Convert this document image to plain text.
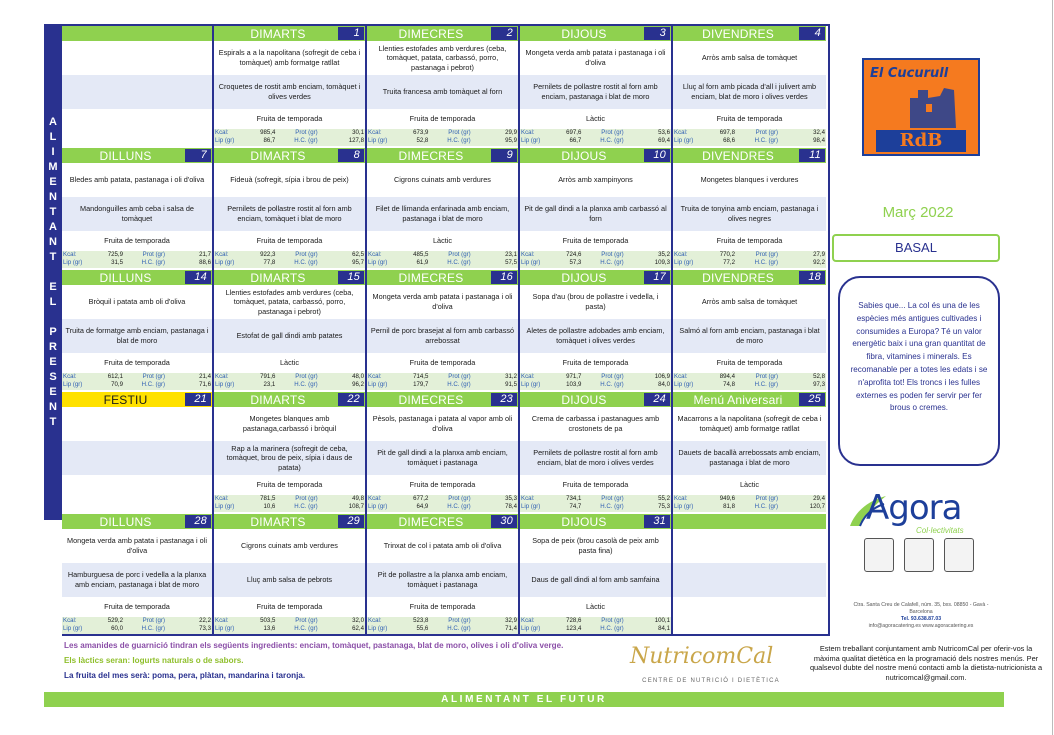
A
L
I
M
E
N
T
A
N
T
E
L
P
R
E
S
E
N
T
DIMARTS	1
Espirals a a la napolitana (sofregit de ceba i tomàquet) amb formatge ratllat
Croquetes de rostit amb enciam, tomàquet i olives verdes
Fruita de temporada
Kcal:	985,4	Prot (gr)	30,1
Lip (gr)	86,7	H.C. (gr)	127,8
DIMECRES	2
Llenties estofades amb verdures (ceba, tomàquet, patata, carbassó, porro, pastanaga i pebrot)
Truita francesa amb tomàquet al forn
Fruita de temporada
Kcal:	673,9	Prot (gr)	29,9
Lip (gr)	52,8	H.C. (gr)	95,9
DIJOUS	3
Mongeta verda amb patata i pastanaga i oli d'oliva
Pernilets de pollastre rostit al forn amb enciam, pastanaga i blat de moro
Làctic
Kcal:	697,6	Prot (gr)	53,6
Lip (gr)	66,7	H.C. (gr)	69,4
DIVENDRES	4
Arròs amb salsa de tomàquet
Lluç al forn amb picada d'all i julivert amb enciam, blat de moro i olives verdes
Fruita de temporada
Kcal:	697,8	Prot (gr)	32,4
Lip (gr)	68,6	H.C. (gr)	98,4
DILLUNS	7
Bledes amb patata, pastanaga i oli d'oliva
Mandonguilles amb ceba i salsa de tomàquet
Fruita de temporada
Kcal:	725,9	Prot (gr)	21,7
Lip (gr)	31,5	H.C. (gr)	88,6
DIMARTS	8
Fideuà (sofregit, sípia i brou de peix)
Pernilets de pollastre rostit al forn amb enciam, tomàquet i blat de moro
Fruita de temporada
Kcal:	922,3	Prot (gr)	62,5
Lip (gr)	77,8	H.C. (gr)	95,7
DIMECRES	9
Cigrons cuinats amb verdures
Filet de llimanda enfarinada amb enciam, pastanaga i blat de moro
Làctic
Kcal:	485,5	Prot (gr)	23,1
Lip (gr)	61,9	H.C. (gr)	57,5
DIJOUS	10
Arròs amb xampinyons
Pit de gall dindi a la planxa amb carbassó al forn
Fruita de temporada
Kcal:	724,6	Prot (gr)	35,2
Lip (gr)	57,3	H.C. (gr)	109,3
DIVENDRES	11
Mongetes blanques i verdures
Truita de tonyina amb enciam, pastanaga i olives negres
Fruita de temporada
Kcal:	770,2	Prot (gr)	27,9
Lip (gr)	77,2	H.C. (gr)	92,2
DILLUNS	14
Bròquil i patata amb oli d'oliva
Truita de formatge amb enciam, pastanaga i blat de moro
Fruita de temporada
Kcal:	612,1	Prot (gr)	21,4
Lip (gr)	70,9	H.C. (gr)	71,6
DIMARTS	15
Llenties estofades amb verdures (ceba, tomàquet, patata, carbassó, porro, pastanaga i pebrot)
Estofat de gall dindi amb patates
Làctic
Kcal:	791,6	Prot (gr)	48,0
Lip (gr)	23,1	H.C. (gr)	96,2
DIMECRES	16
Mongeta verda amb patata i pastanaga i oli d'oliva
Pernil de porc brasejat al forn amb carbassó arrebossat
Fruita de temporada
Kcal:	714,5	Prot (gr)	31,2
Lip (gr)	179,7	H.C. (gr)	91,5
DIJOUS	17
Sopa d'au (brou de pollastre i vedella, i pasta)
Aletes de pollastre adobades amb enciam, tomàquet i olives verdes
Fruita de temporada
Kcal:	971,7	Prot (gr)	106,9
Lip (gr)	103,9	H.C. (gr)	84,0
DIVENDRES	18
Arròs amb salsa de tomàquet
Salmó al forn amb enciam, pastanaga i blat de moro
Fruita de temporada
Kcal:	894,4	Prot (gr)	52,8
Lip (gr)	74,8	H.C. (gr)	97,3
FESTIU	21	DIMARTS	22
Mongetes blanques amb pastanaga,carbassó i bròquil
Rap a la marinera (sofregit de ceba, tomàquet, brou de peix, sípia i daus de patata)
Fruita de temporada
Kcal:	781,5	Prot (gr)	49,8
Lip (gr)	10,6	H.C. (gr)	108,7
DIMECRES	23
Pèsols, pastanaga i patata al vapor amb oli d'oliva
Pit de gall dindi a la planxa amb enciam, tomàquet i pastanaga
Fruita de temporada
Kcal:	677,2	Prot (gr)	35,3
Lip (gr)	64,9	H.C. (gr)	78,4
DIJOUS	24
Crema de carbassa i pastanagues amb crostonets de pa
Pernilets de pollastre rostit al forn amb enciam, blat de moro i olives verdes
Fruita de temporada
Kcal:	734,1	Prot (gr)	55,2
Lip (gr)	74,7	H.C. (gr)	75,3
Menú Aniversari	25
Macarrons a la napolitana (sofregit de ceba i tomàquet) amb formatge ratllat
Dauets de bacallà arrebossats amb enciam, pastanaga i blat de moro
Làctic
Kcal:	949,6	Prot (gr)	29,4
Lip (gr)	81,8	H.C. (gr)	120,7
DILLUNS	28
Mongeta verda amb patata i pastanaga i oli d'oliva
Hamburguesa de porc i vedella a la planxa amb enciam, pastanaga i blat de moro
Fruita de temporada
Kcal:	529,2	Prot (gr)	22,2
Lip (gr)	60,0	H.C. (gr)	73,3
DIMARTS	29
Cigrons cuinats amb verdures
Lluç amb salsa de pebrots
Fruita de temporada
Kcal:	503,5	Prot (gr)	32,0
Lip (gr)	13,6	H.C. (gr)	62,4
DIMECRES	30
Trinxat de col i patata amb oli d'oliva
Pit de pollastre a la planxa amb enciam, tomàquet i pastanaga
Fruita de temporada
Kcal:	523,8	Prot (gr)	32,9
Lip (gr)	55,6	H.C. (gr)	71,4
DIJOUS	31
Sopa de peix (brou casolà de peix amb pasta fina)
Daus de gall dindi al forn amb samfaina
Làctic
Kcal:	728,6	Prot (gr)	100,1
Lip (gr)	123,4	H.C. (gr)	84,1
El Cucurull
RdB
Març 2022
BASAL
Sabies que... La col és una de les espècies més antigues cultivades i consumides a Europa? Té un valor energètic baix i una gran quantitat de fibra, vitamines i minerals. Es recomanable per a totes les edats i se n'aprofita tot! Els troncs i les fulles externes es poden fer servir per fer brous o cremes.
Agora
Col·lectivitats
Ctra. Santa Creu de Calafell, núm. 35, bxs. 08850 - Gavà - Barcelona
Tel. 93.638.87.03
info@agoracatering.es www.agoracatering.es
Les amanides de guarnició tindran els següents ingredients: enciam, tomàquet, pastanaga, blat de moro, olives i oli d'oliva verge.
Els làctics seran: Iogurts naturals o de sabors.
La fruita del mes serà: poma, pera, plàtan, mandarina i taronja.
NutricomCal
CENTRE DE NUTRICIÓ I DIETÈTICA
Estem treballant conjuntament amb NutricomCal per oferir-vos la màxima qualitat dietètica en la programació dels nostres menús. Per qualsevol dubte del nostre menú contacti amb la dietista-nutricionista a nutricomcal@gmail.com.
ALIMENTANT EL FUTUR
